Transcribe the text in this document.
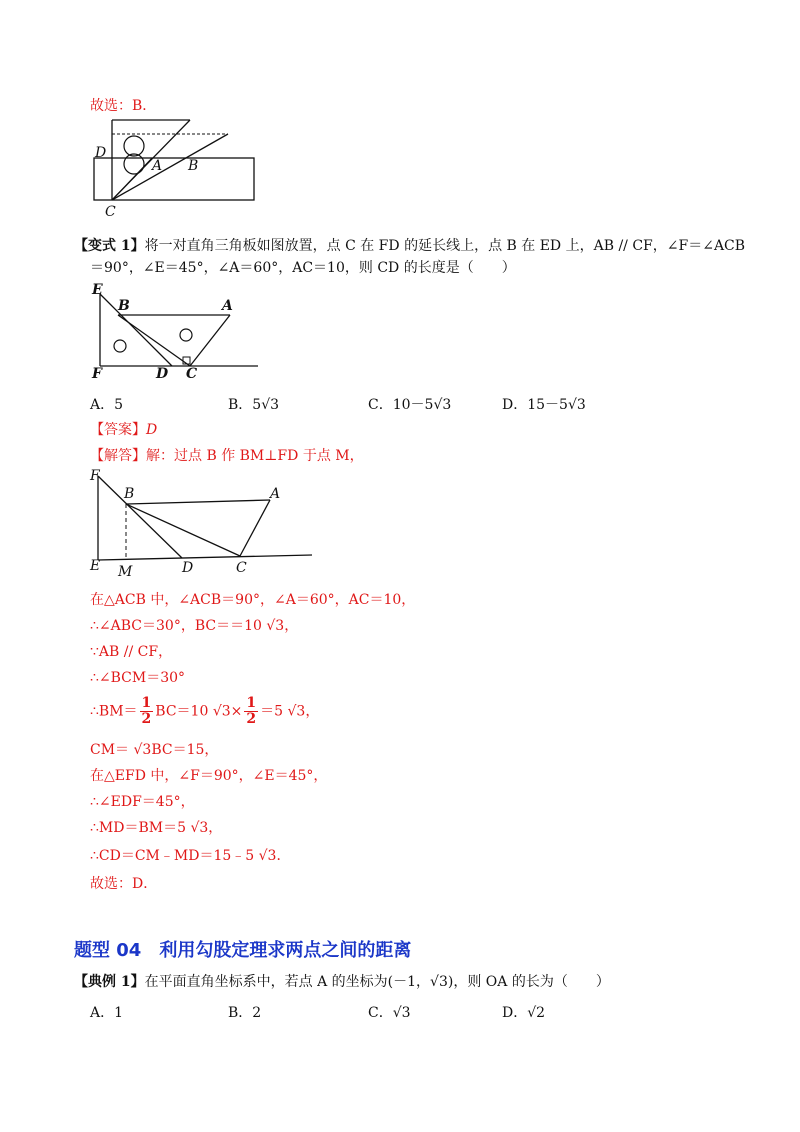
故选：B．
D
A B
C
【变式 1】将一对直角三角板如图放置，点 C 在 FD 的延长线上，点 B 在 ED 上，AB // CF，∠F＝∠ACB
＝90°，∠E＝45°，∠A＝60°，AC＝10，则 CD 的长度是（　　）
E
B	A
F	D C
A．5	B．5√3	C．10－5√3	D．15－5√3
【答案】D
【解答】解：过点 B 作 BM⊥FD 于点 M，
F
B	A
E M	D	C
在△ACB 中，∠ACB＝90°，∠A＝60°，AC＝10，
∴∠ABC＝30°，BC＝＝10 √3，
∵AB // CF，
∴∠BCM＝30°
∴BM＝ $\frac{1}{2} BC=10$ $√3\times \frac{1}{2} =5$ √3，
CM＝ √3BC＝15，
在△EFD 中，∠F＝90°，∠E＝45°，
∴∠EDF＝45°，
∴MD＝BM＝5 √3，
∴CD＝CM﹣MD＝15﹣5 √3．
故选：D．
题型 04　利用勾股定理求两点之间的距离
【典例 1】在平面直角坐标系中，若点 A 的坐标为(－1，√3)，则 OA 的长为（　　）
A．1	B．2	C．√3	D．√2
